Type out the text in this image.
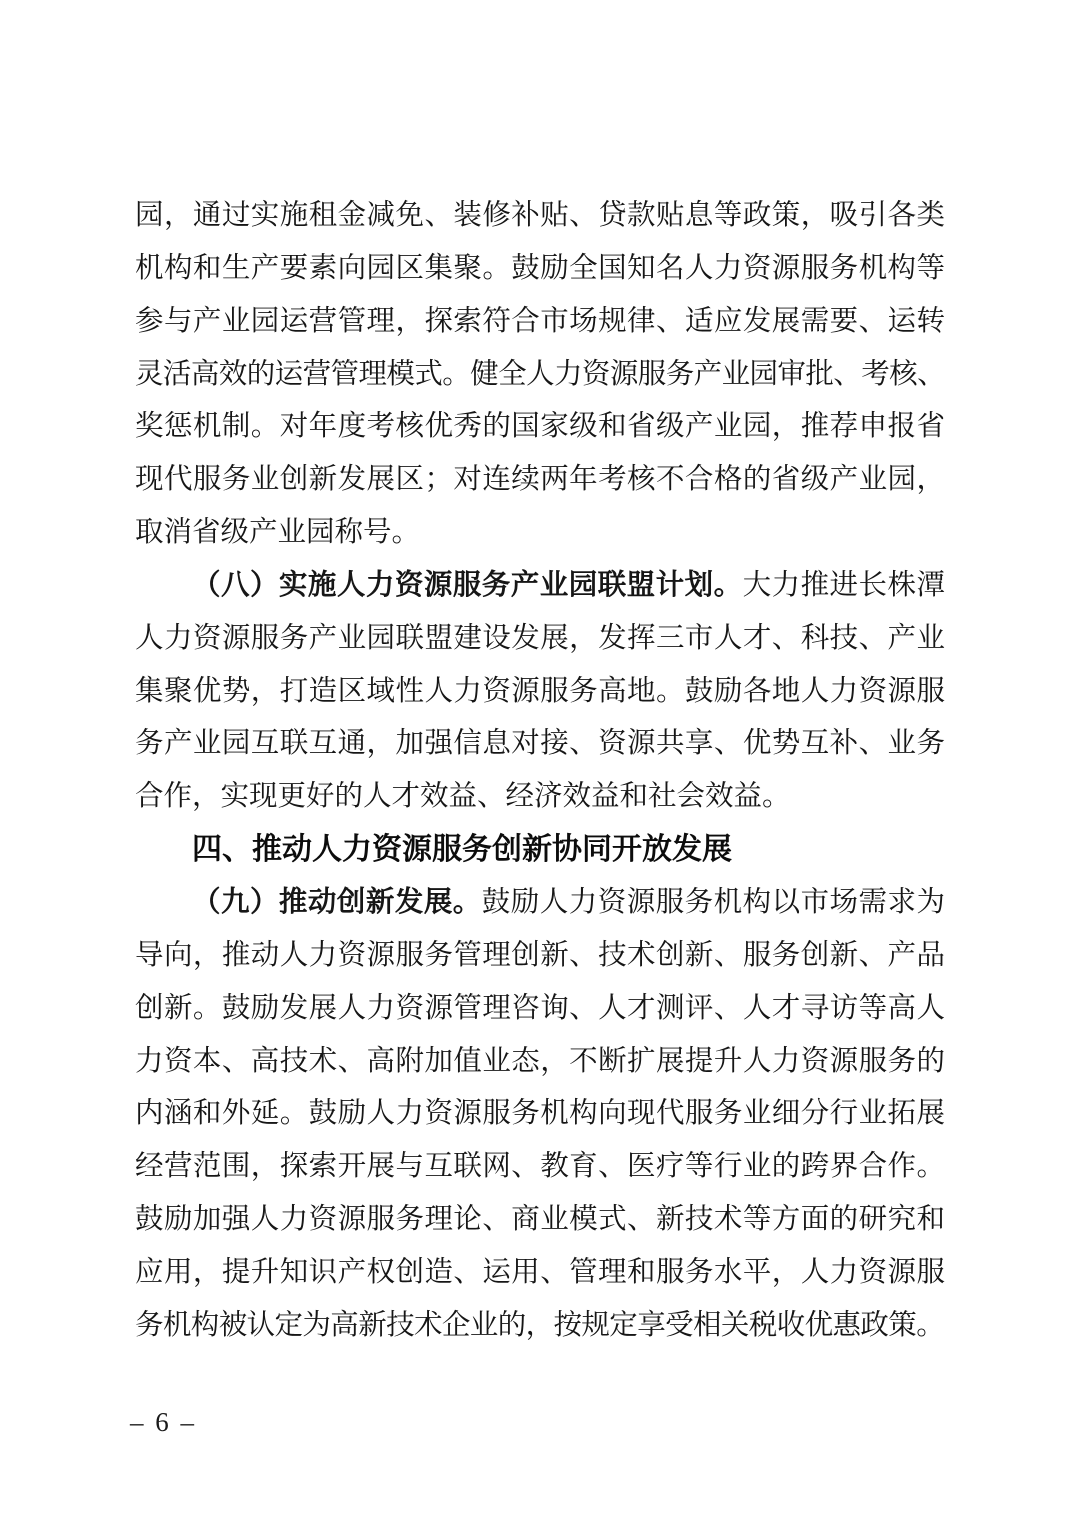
园，通过实施租金减免、装修补贴、贷款贴息等政策，吸引各类
机构和生产要素向园区集聚。鼓励全国知名人力资源服务机构等
参与产业园运营管理，探索符合市场规律、适应发展需要、运转
灵活高效的运营管理模式。健全人力资源服务产业园审批、考核、
奖惩机制。对年度考核优秀的国家级和省级产业园，推荐申报省
现代服务业创新发展区；对连续两年考核不合格的省级产业园，
取消省级产业园称号。
（八）实施人力资源服务产业园联盟计划。大力推进长株潭
人力资源服务产业园联盟建设发展，发挥三市人才、科技、产业
集聚优势，打造区域性人力资源服务高地。鼓励各地人力资源服
务产业园互联互通，加强信息对接、资源共享、优势互补、业务
合作，实现更好的人才效益、经济效益和社会效益。
四、推动人力资源服务创新协同开放发展
（九）推动创新发展。鼓励人力资源服务机构以市场需求为
导向，推动人力资源服务管理创新、技术创新、服务创新、产品
创新。鼓励发展人力资源管理咨询、人才测评、人才寻访等高人
力资本、高技术、高附加值业态，不断扩展提升人力资源服务的
内涵和外延。鼓励人力资源服务机构向现代服务业细分行业拓展
经营范围，探索开展与互联网、教育、医疗等行业的跨界合作。
鼓励加强人力资源服务理论、商业模式、新技术等方面的研究和
应用，提升知识产权创造、运用、管理和服务水平，人力资源服
务机构被认定为高新技术企业的，按规定享受相关税收优惠政策。
– 6 –
